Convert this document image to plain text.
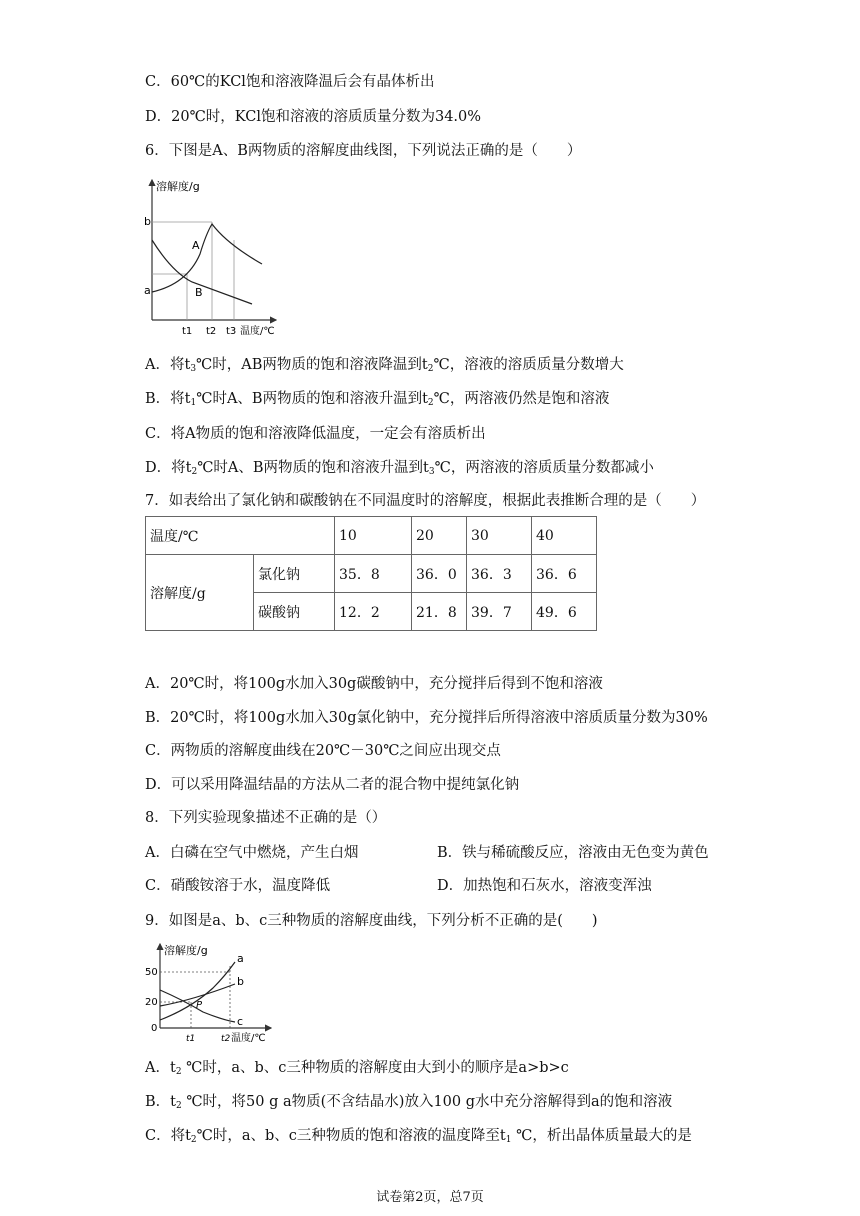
C．60℃的KCl饱和溶液降温后会有晶体析出
D．20℃时，KCl饱和溶液的溶质质量分数为34.0%
6．下图是A、B两物质的溶解度曲线图，下列说法正确的是（　　）
溶解度/g
b
a
A
B
t1 t2 t3 温度/℃
A．将$t_3℃$时，AB两物质的饱和溶液降温到$t_2℃$，溶液的溶质质量分数增大
B．将$t_1℃$时A、B两物质的饱和溶液升温到$t_2℃$，两溶液仍然是饱和溶液
C．将A物质的饱和溶液降低温度，一定会有溶质析出
D．将$t_2℃$时A、B两物质的饱和溶液升温到$t_3℃$，两溶液的溶质质量分数都减小
7．如表给出了氯化钠和碳酸钠在不同温度时的溶解度，根据此表推断合理的是（　　）
温度/℃		10	20	30	40
溶解度/g	氯化钠	35．8	36．0	36．3	36．6
	碳酸钠	12．2	21．8	39．7	49．6
A．20℃时，将100g水加入30g碳酸钠中，充分搅拌后得到不饱和溶液
B．20℃时，将100g水加入30g氯化钠中，充分搅拌后所得溶液中溶质质量分数为30%
C．两物质的溶解度曲线在20℃－30℃之间应出现交点
D．可以采用降温结晶的方法从二者的混合物中提纯氯化钠
8．下列实验现象描述不正确的是（）
A．白磷在空气中燃烧，产生白烟	B．铁与稀硫酸反应，溶液由无色变为黄色
C．硝酸铵溶于水，温度降低	D．加热饱和石灰水，溶液变浑浊
9．如图是a、b、c三种物质的溶解度曲线，下列分析不正确的是(　　)
溶解度/g
a
b
c
P
50
20
0
t1	t2 温度/℃
A．$t_2$ ℃时，a、b、c三种物质的溶解度由大到小的顺序是a>b>c
B．$t_2$ ℃时，将50 g a物质(不含结晶水)放入100 g水中充分溶解得到a的饱和溶液
C．将$t_2℃$时，a、b、c三种物质的饱和溶液的温度降至$t_1$ ℃，析出晶体质量最大的是
试卷第2页，总7页
